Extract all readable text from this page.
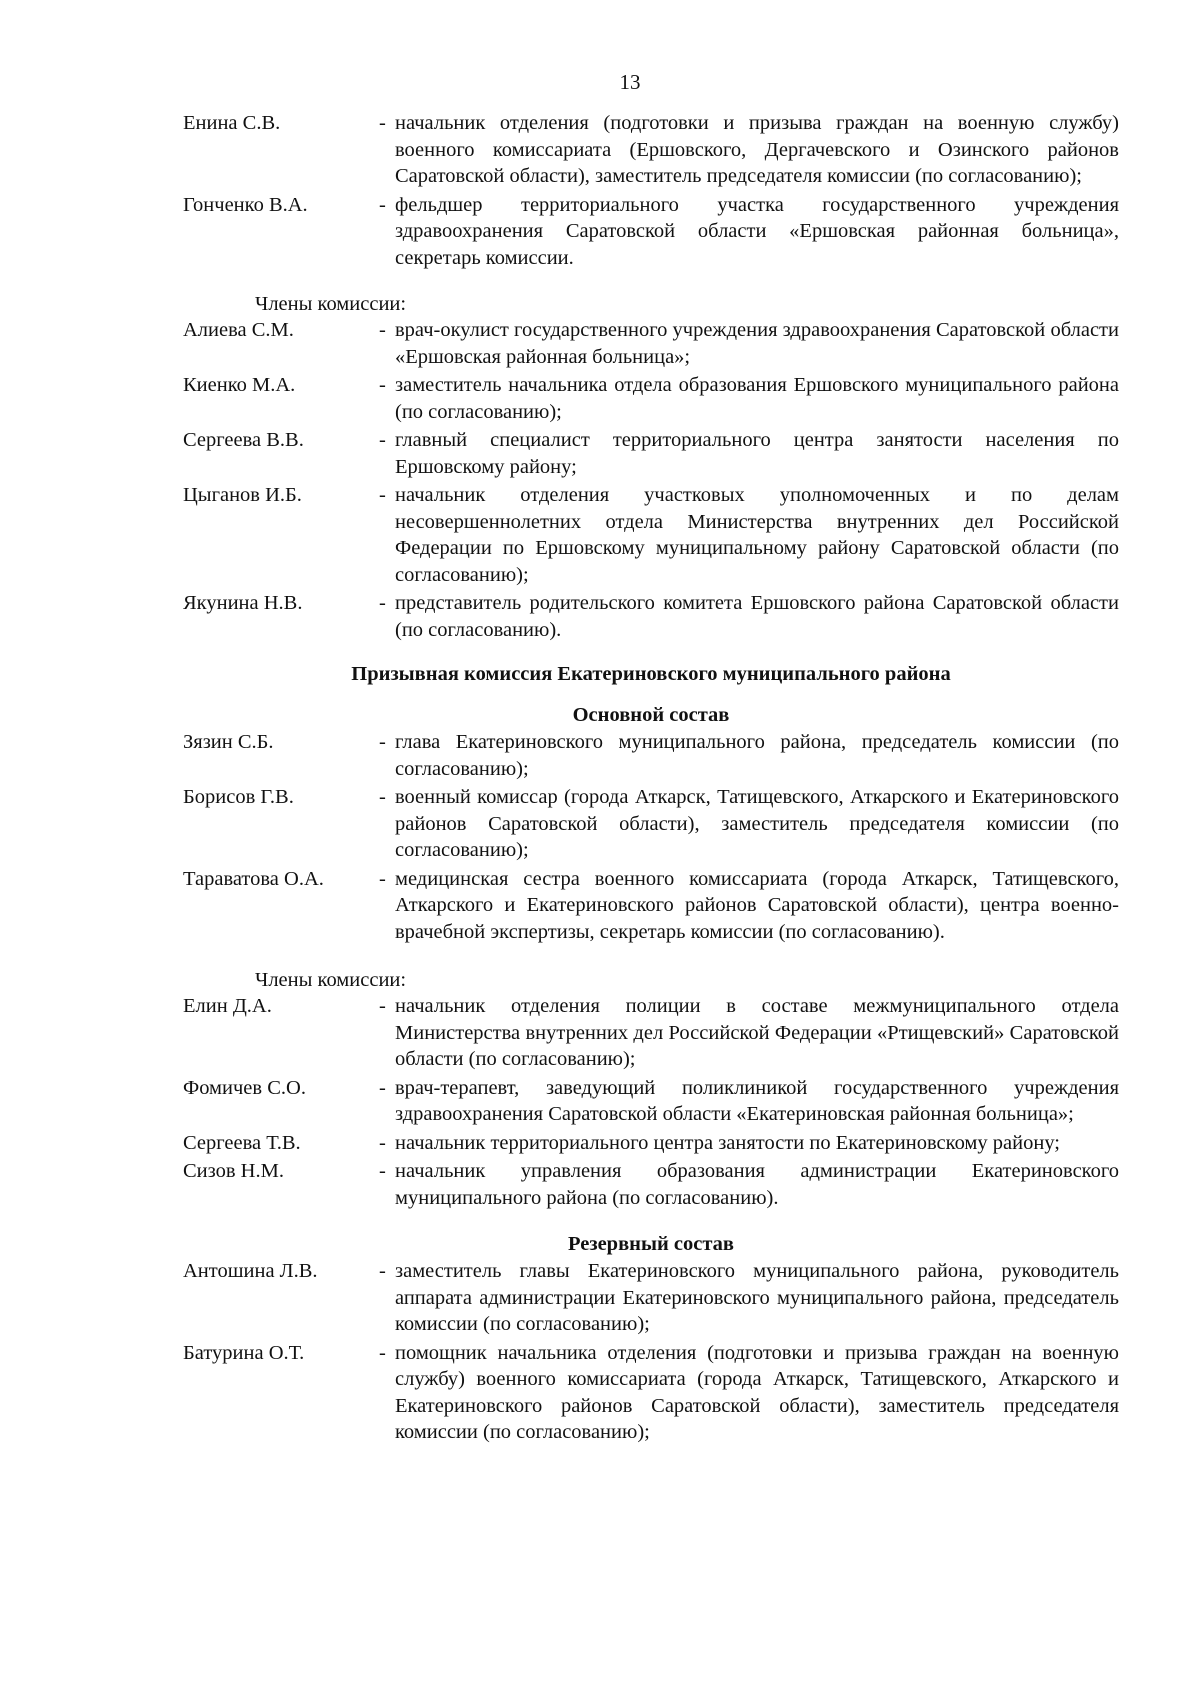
13
Енина С.В.	- начальник отделения (подготовки и призыва граждан на военную службу) военного комиссариата (Ершовского, Дергачевского и Озинского районов Саратовской области), заместитель председателя комиссии (по согласованию);
Гонченко В.А.	- фельдшер территориального участка государственного учреждения здравоохранения Саратовской области «Ершовская районная больница», секретарь комиссии.
Члены комиссии:
Алиева С.М.	- врач-окулист государственного учреждения здравоохранения Саратовской области «Ершовская районная больница»;
Киенко М.А.	- заместитель начальника отдела образования Ершовского муниципального района (по согласованию);
Сергеева В.В.	- главный специалист территориального центра занятости населения по Ершовскому району;
Цыганов И.Б.	- начальник отделения участковых уполномоченных и по делам несовершеннолетних отдела Министерства внутренних дел Российской Федерации по Ершовскому муниципальному району Саратовской области (по согласованию);
Якунина Н.В.	- представитель родительского комитета Ершовского района Саратовской области (по согласованию).
Призывная комиссия Екатериновского муниципального района
Основной состав
Зязин С.Б.	- глава Екатериновского муниципального района, председатель комиссии (по согласованию);
Борисов Г.В.	- военный комиссар (города Аткарск, Татищевского, Аткарского и Екатериновского районов Саратовской области), заместитель председателя комиссии (по согласованию);
Тараватова О.А.	- медицинская сестра военного комиссариата (города Аткарск, Татищевского, Аткарского и Екатериновского районов Саратовской области), центра военно-врачебной экспертизы, секретарь комиссии (по согласованию).
Члены комиссии:
Елин Д.А.	- начальник отделения полиции в составе межмуниципального отдела Министерства внутренних дел Российской Федерации «Ртищевский» Саратовской области (по согласованию);
Фомичев С.О.	- врач-терапевт, заведующий поликлиникой государственного учреждения здравоохранения Саратовской области «Екатериновская районная больница»;
Сергеева Т.В.	- начальник территориального центра занятости по Екатериновскому району;
Сизов Н.М.	- начальник управления образования администрации Екатериновского муниципального района (по согласованию).
Резервный состав
Антошина Л.В.	- заместитель главы Екатериновского муниципального района, руководитель аппарата администрации Екатериновского муниципального района, председатель комиссии (по согласованию);
Батурина О.Т.	- помощник начальника отделения (подготовки и призыва граждан на военную службу) военного комиссариата (города Аткарск, Татищевского, Аткарского и Екатериновского районов Саратовской области), заместитель председателя комиссии (по согласованию);
